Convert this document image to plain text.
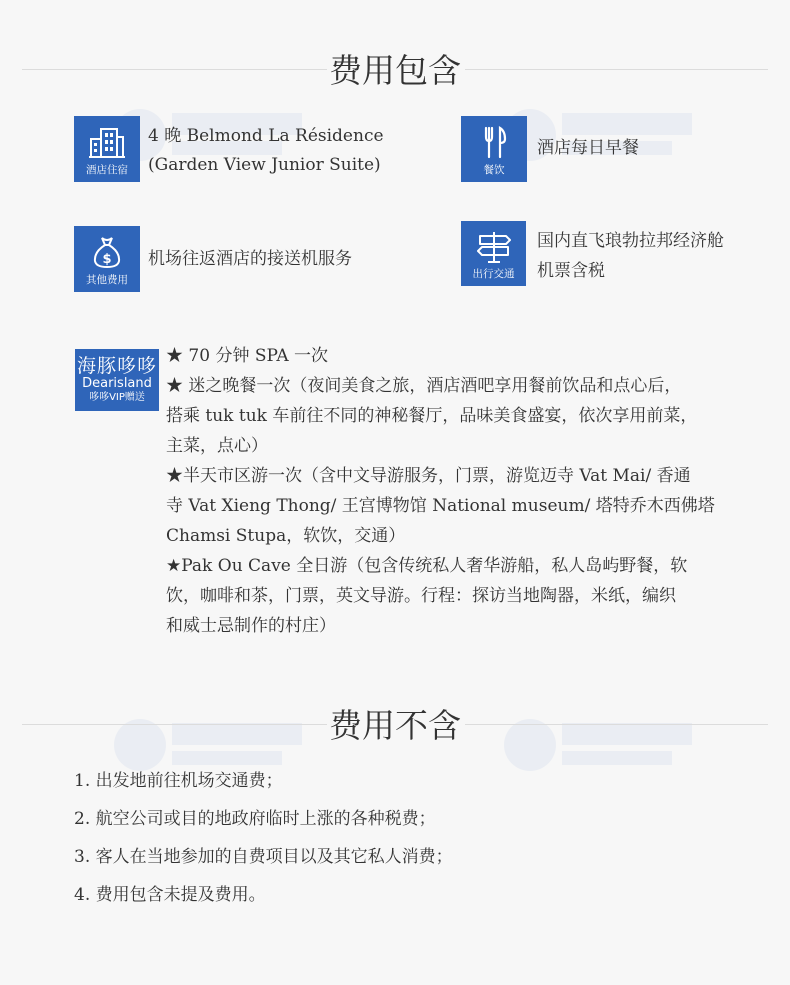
费用包含
酒店住宿
4 晚 Belmond La Résidence
(Garden View Junior Suite)	餐饮
酒店每日早餐
$
其他费用
机场往返酒店的接送机服务
出行交通
国内直飞琅勃拉邦经济舱
机票含税
海豚哆哆
Dearisland
哆哆VIP赠送

★ 70 分钟 SPA 一次

★ 迷之晚餐一次（夜间美食之旅，酒店酒吧享用餐前饮品和点心后，

搭乘 tuk tuk 车前往不同的神秘餐厅，品味美食盛宴，依次享用前菜，

主菜，点心）

★半天市区游一次（含中文导游服务，门票，游览迈寺 Vat Mai/ 香通

寺 Vat Xieng Thong/ 王宫博物馆 National museum/ 塔特乔木西佛塔

Chamsi Stupa，软饮，交通）

★Pak Ou Cave 全日游（包含传统私人奢华游船，私人岛屿野餐，软

饮，咖啡和茶，门票，英文导游。行程：探访当地陶器，米纸，编织

和威士忌制作的村庄）

费用不含
1. 出发地前往机场交通费；
2. 航空公司或目的地政府临时上涨的各种税费；
3. 客人在当地参加的自费项目以及其它私人消费；
4. 费用包含未提及费用。
